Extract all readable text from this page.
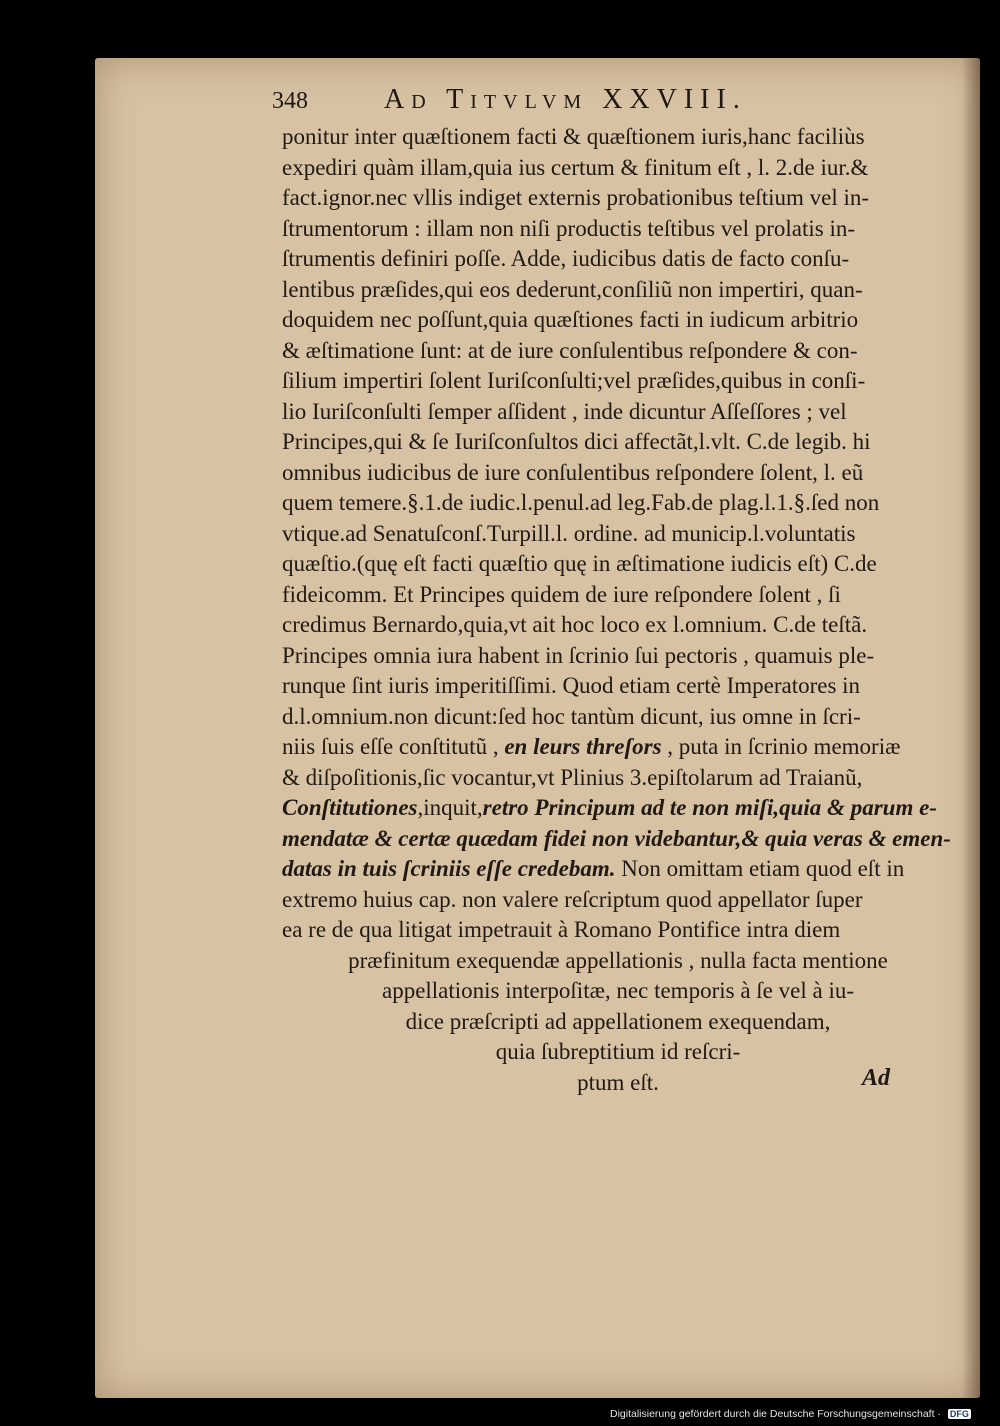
348	Ad Titvlvm XXVIII.
ponitur inter quæſtionem facti & quæſtionem iuris,hanc faciliùs
expediri quàm illam,quia ius certum & finitum eſt , l. 2.de iur.&
fact.ignor.nec vllis indiget externis probationibus teſtium vel in-
ſtrumentorum : illam non niſi productis teſtibus vel prolatis in-
ſtrumentis definiri poſſe. Adde, iudicibus datis de facto conſu-
lentibus præſides,qui eos dederunt,conſiliũ non impertiri, quan-
doquidem nec poſſunt,quia quæſtiones facti in iudicum arbitrio
& æſtimatione ſunt: at de iure conſulentibus reſpondere & con-
ſilium impertiri ſolent Iuriſconſulti;vel præſides,quibus in conſi-
lio Iuriſconſulti ſemper aſſident , inde dicuntur Aſſeſſores ; vel
Principes,qui & ſe Iuriſconſultos dici affectãt,l.vlt. C.de legib. hi
omnibus iudicibus de iure conſulentibus reſpondere ſolent, l. eũ
quem temere.§.1.de iudic.l.penul.ad leg.Fab.de plag.l.1.§.ſed non
vtique.ad Senatuſconſ.Turpill.l. ordine. ad municip.l.voluntatis
quæſtio.(quę eſt facti quæſtio quę in æſtimatione iudicis eſt) C.de
fideicomm. Et Principes quidem de iure reſpondere ſolent , ſi
credimus Bernardo,quia,vt ait hoc loco ex l.omnium. C.de teſtã.
Principes omnia iura habent in ſcrinio ſui pectoris , quamuis ple-
runque ſint iuris imperitiſſimi. Quod etiam certè Imperatores in
d.l.omnium.non dicunt:ſed hoc tantùm dicunt, ius omne in ſcri-
niis ſuis eſſe conſtitutũ , en leurs threſors , puta in ſcrinio memoriæ
& diſpoſitionis,ſic vocantur,vt Plinius 3.epiſtolarum ad Traianũ,
Conſtitutiones,inquit,retro Principum ad te non miſi,quia & parum e-
mendatæ & certæ quædam fidei non videbantur,& quia veras & emen-
datas in tuis ſcriniis eſſe credebam. Non omittam etiam quod eſt in
extremo huius cap. non valere reſcriptum quod appellator ſuper
ea re de qua litigat impetrauit à Romano Pontifice intra diem
præfinitum exequendæ appellationis , nulla facta mentione
appellationis interpoſitæ, nec temporis à ſe vel à iu-
dice præſcripti ad appellationem exequendam,
quia ſubreptitium id reſcri-
ptum eſt.	Ad
Digitalisierung gefördert durch die Deutsche Forschungsgemeinschaft · DFG
